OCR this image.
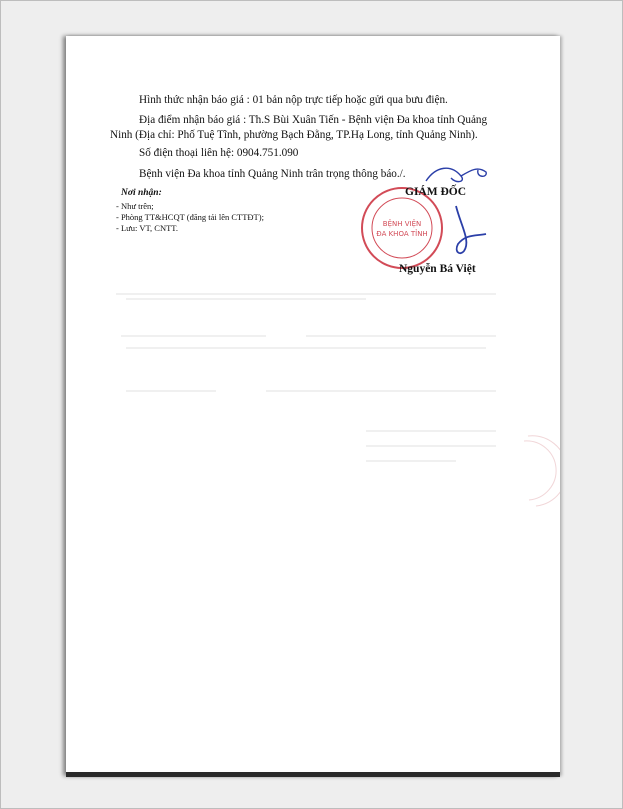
Hình thức nhận báo giá : 01 bản nộp trực tiếp hoặc gửi qua bưu điện.
Địa điểm nhận báo giá : Th.S Bùi Xuân Tiến - Bệnh viện Đa khoa tỉnh Quảng
Ninh (Địa chỉ: Phố Tuệ Tĩnh, phường Bạch Đằng, TP.Hạ Long, tỉnh Quảng Ninh).
Số điện thoại liên hệ: 0904.751.090
Bệnh viện Đa khoa tỉnh Quảng Ninh trân trọng thông báo./.
Nơi nhận:
- Như trên;
- Phòng TT&HCQT (đăng tải lên CTTĐT);
- Lưu: VT, CNTT.	BỆNH VIỆN
ĐA KHOA TỈNH
GIÁM ĐỐC
Nguyễn Bá Việt
